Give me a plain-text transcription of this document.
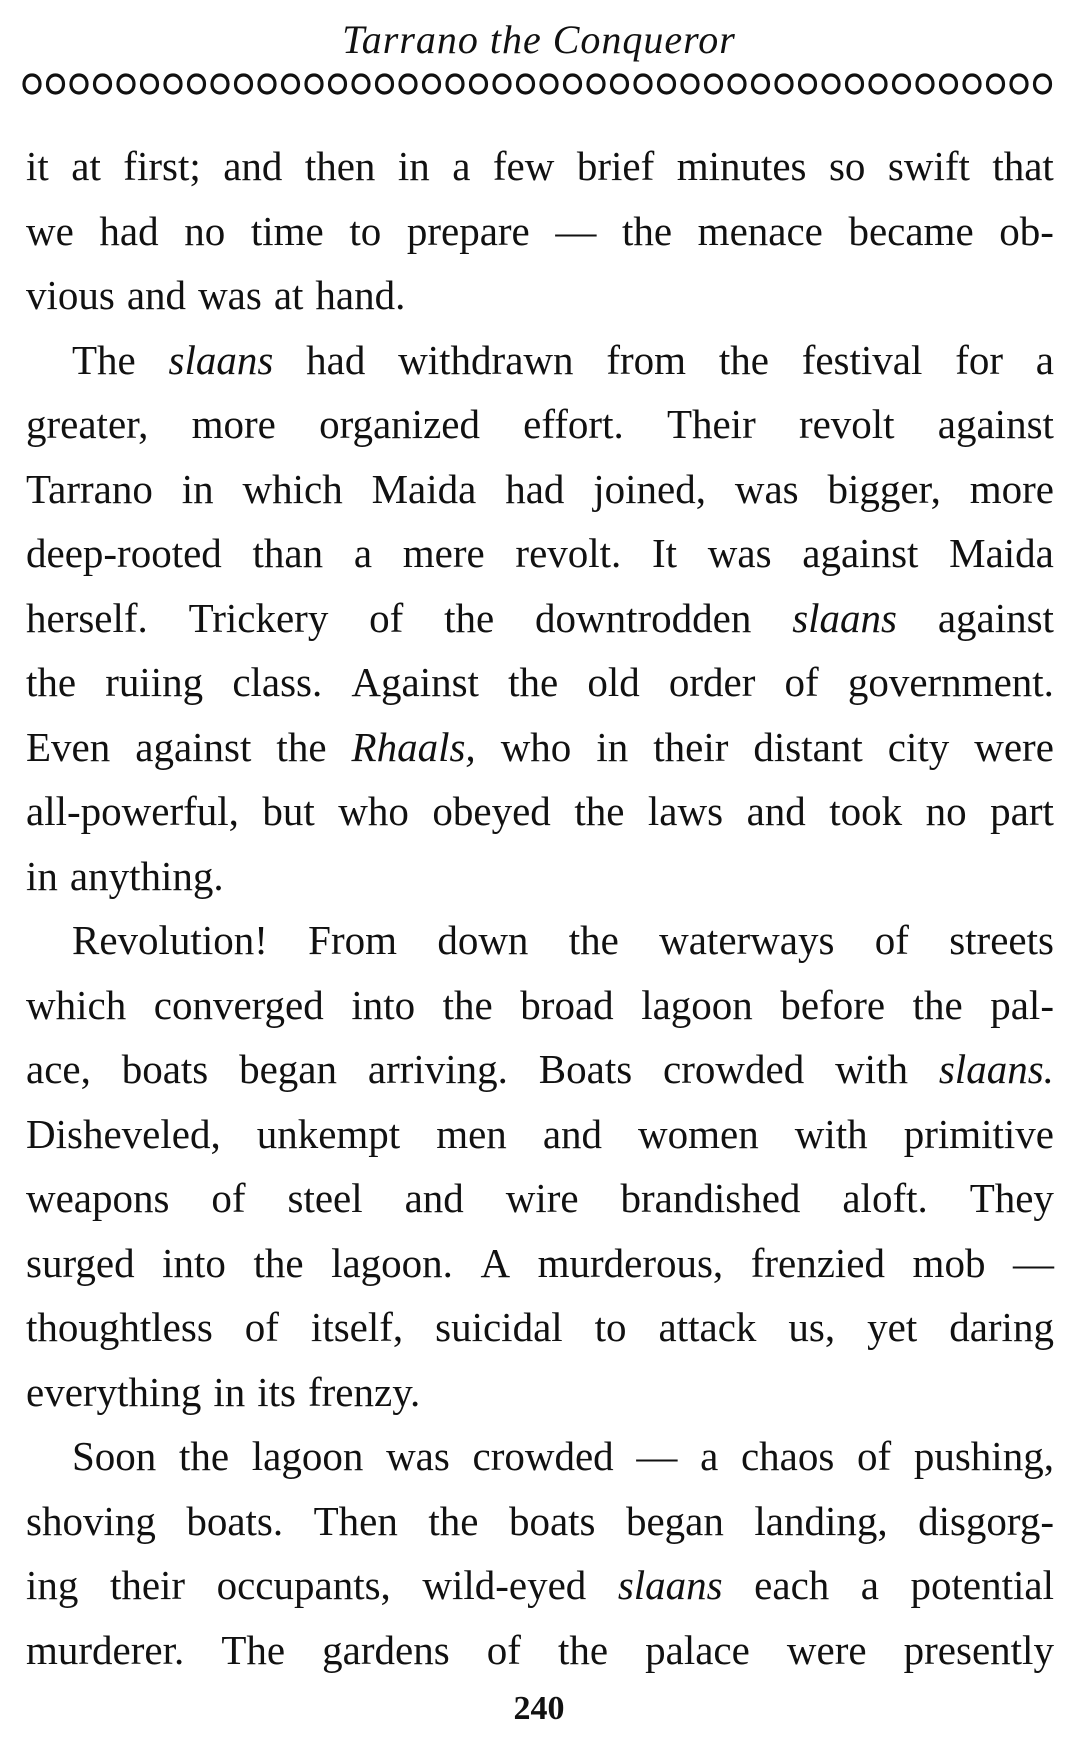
Tarrano the Conqueror
it at first; and then in a few brief minutes so swift that
we had no time to prepare — the menace became ob-
vious and was at hand.
The slaans had withdrawn from the festival for a
greater, more organized effort. Their revolt against
Tarrano in which Maida had joined, was bigger, more
deep-rooted than a mere revolt. It was against Maida
herself. Trickery of the downtrodden slaans against
the ruiing class. Against the old order of government.
Even against the Rhaals, who in their distant city were
all-powerful, but who obeyed the laws and took no part
in anything.
Revolution! From down the waterways of streets
which converged into the broad lagoon before the pal-
ace, boats began arriving. Boats crowded with slaans.
Disheveled, unkempt men and women with primitive
weapons of steel and wire brandished aloft. They
surged into the lagoon. A murderous, frenzied mob —
thoughtless of itself, suicidal to attack us, yet daring
everything in its frenzy.
Soon the lagoon was crowded — a chaos of pushing,
shoving boats. Then the boats began landing, disgorg-
ing their occupants, wild-eyed slaans each a potential
murderer. The gardens of the palace were presently
240
